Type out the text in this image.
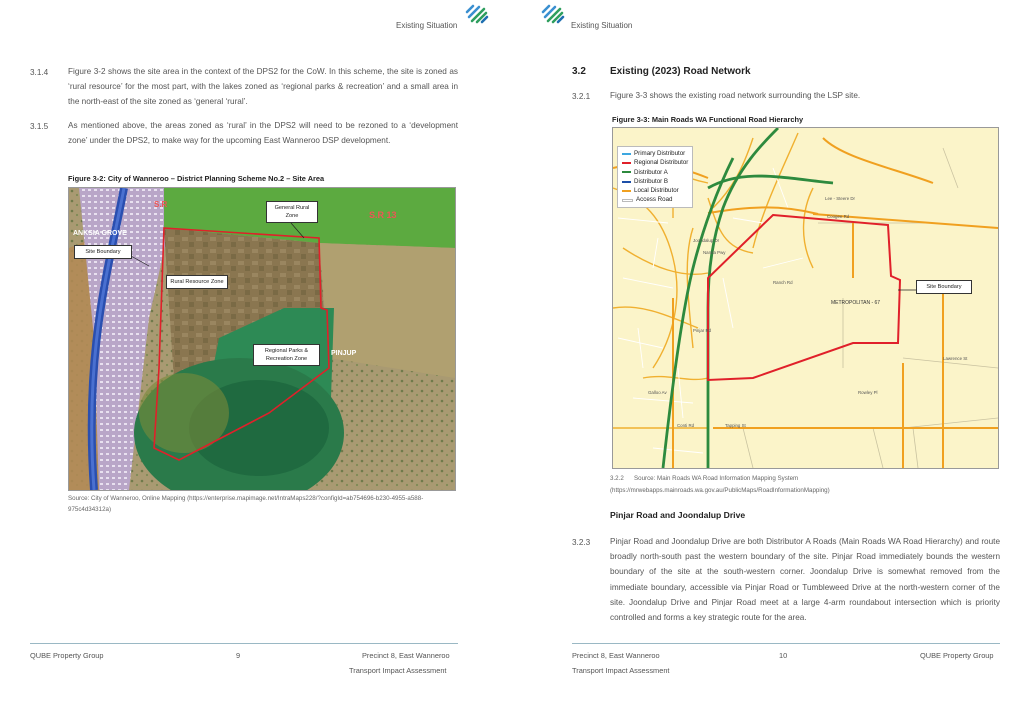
Existing Situation
3.1.4 Figure 3-2 shows the site area in the context of the DPS2 for the CoW. In this scheme, the site is zoned as ‘rural resource’ for the most part, with the lakes zoned as ‘regional parks & recreation’ and a small area in the north-east of the site zoned as ‘general ‘rural’.

3.1.5 As mentioned above, the areas zoned as ‘rural’ in the DPS2 will need to be rezoned to a ‘development zone’ under the DPS2, to make way for the upcoming East Wanneroo DSP development.

Figure 3-2: City of Wanneroo – District Planning Scheme No.2 – Site Area
ANKSIA GROVE
S.R 13
S.R
PINJUP
Site Boundary
Rural Resource Zone
General Rural Zone
Regional Parks & Recreation Zone
Source: City of Wanneroo, Online Mapping (https://enterprise.mapimage.net/IntraMaps228/?configId=ab754696-b230-4955-a588-975c4d34312a)
QUBE Property Group	9	Precinct 8, East Wanneroo
Transport Impact Assessment
Existing Situation
3.2 Existing (2023) Road Network
3.2.1 Figure 3-3 shows the existing road network surrounding the LSP site.
Figure 3-3: Main Roads WA Functional Road Hierarchy
Primary Distributor
Regional Distributor
Distributor A
Distributor B
Local Distributor
Access Road
Coogee Rd
Ranch Rd
Lawrence St
Rowley Pl
Tapping St
Conti Rd
Pinjar Rd
Joondalup Dr
Lee - Steere Dr
Galloo Av
Nanda Pwy
METROPOLITAN - 67
Site Boundary
3.2.2 Source: Main Roads WA Road Information Mapping System
(https://mrwebapps.mainroads.wa.gov.au/PublicMaps/RoadInformationMapping)
Pinjar Road and Joondalup Drive
3.2.3 Pinjar Road and Joondalup Drive are both Distributor A Roads (Main Roads WA Road Hierarchy) and route broadly north-south past the western boundary of the site. Pinjar Road immediately bounds the western boundary of the site at the south-western corner. Joondalup Drive is somewhat removed from the immediate boundary, accessible via Pinjar Road or Tumbleweed Drive at the north-western corner of the site. Joondalup Drive and Pinjar Road meet at a large 4-arm roundabout intersection which is priority controlled and forms a key strategic route for the area.

Precinct 8, East Wanneroo
Transport Impact Assessment
10	QUBE Property Group
